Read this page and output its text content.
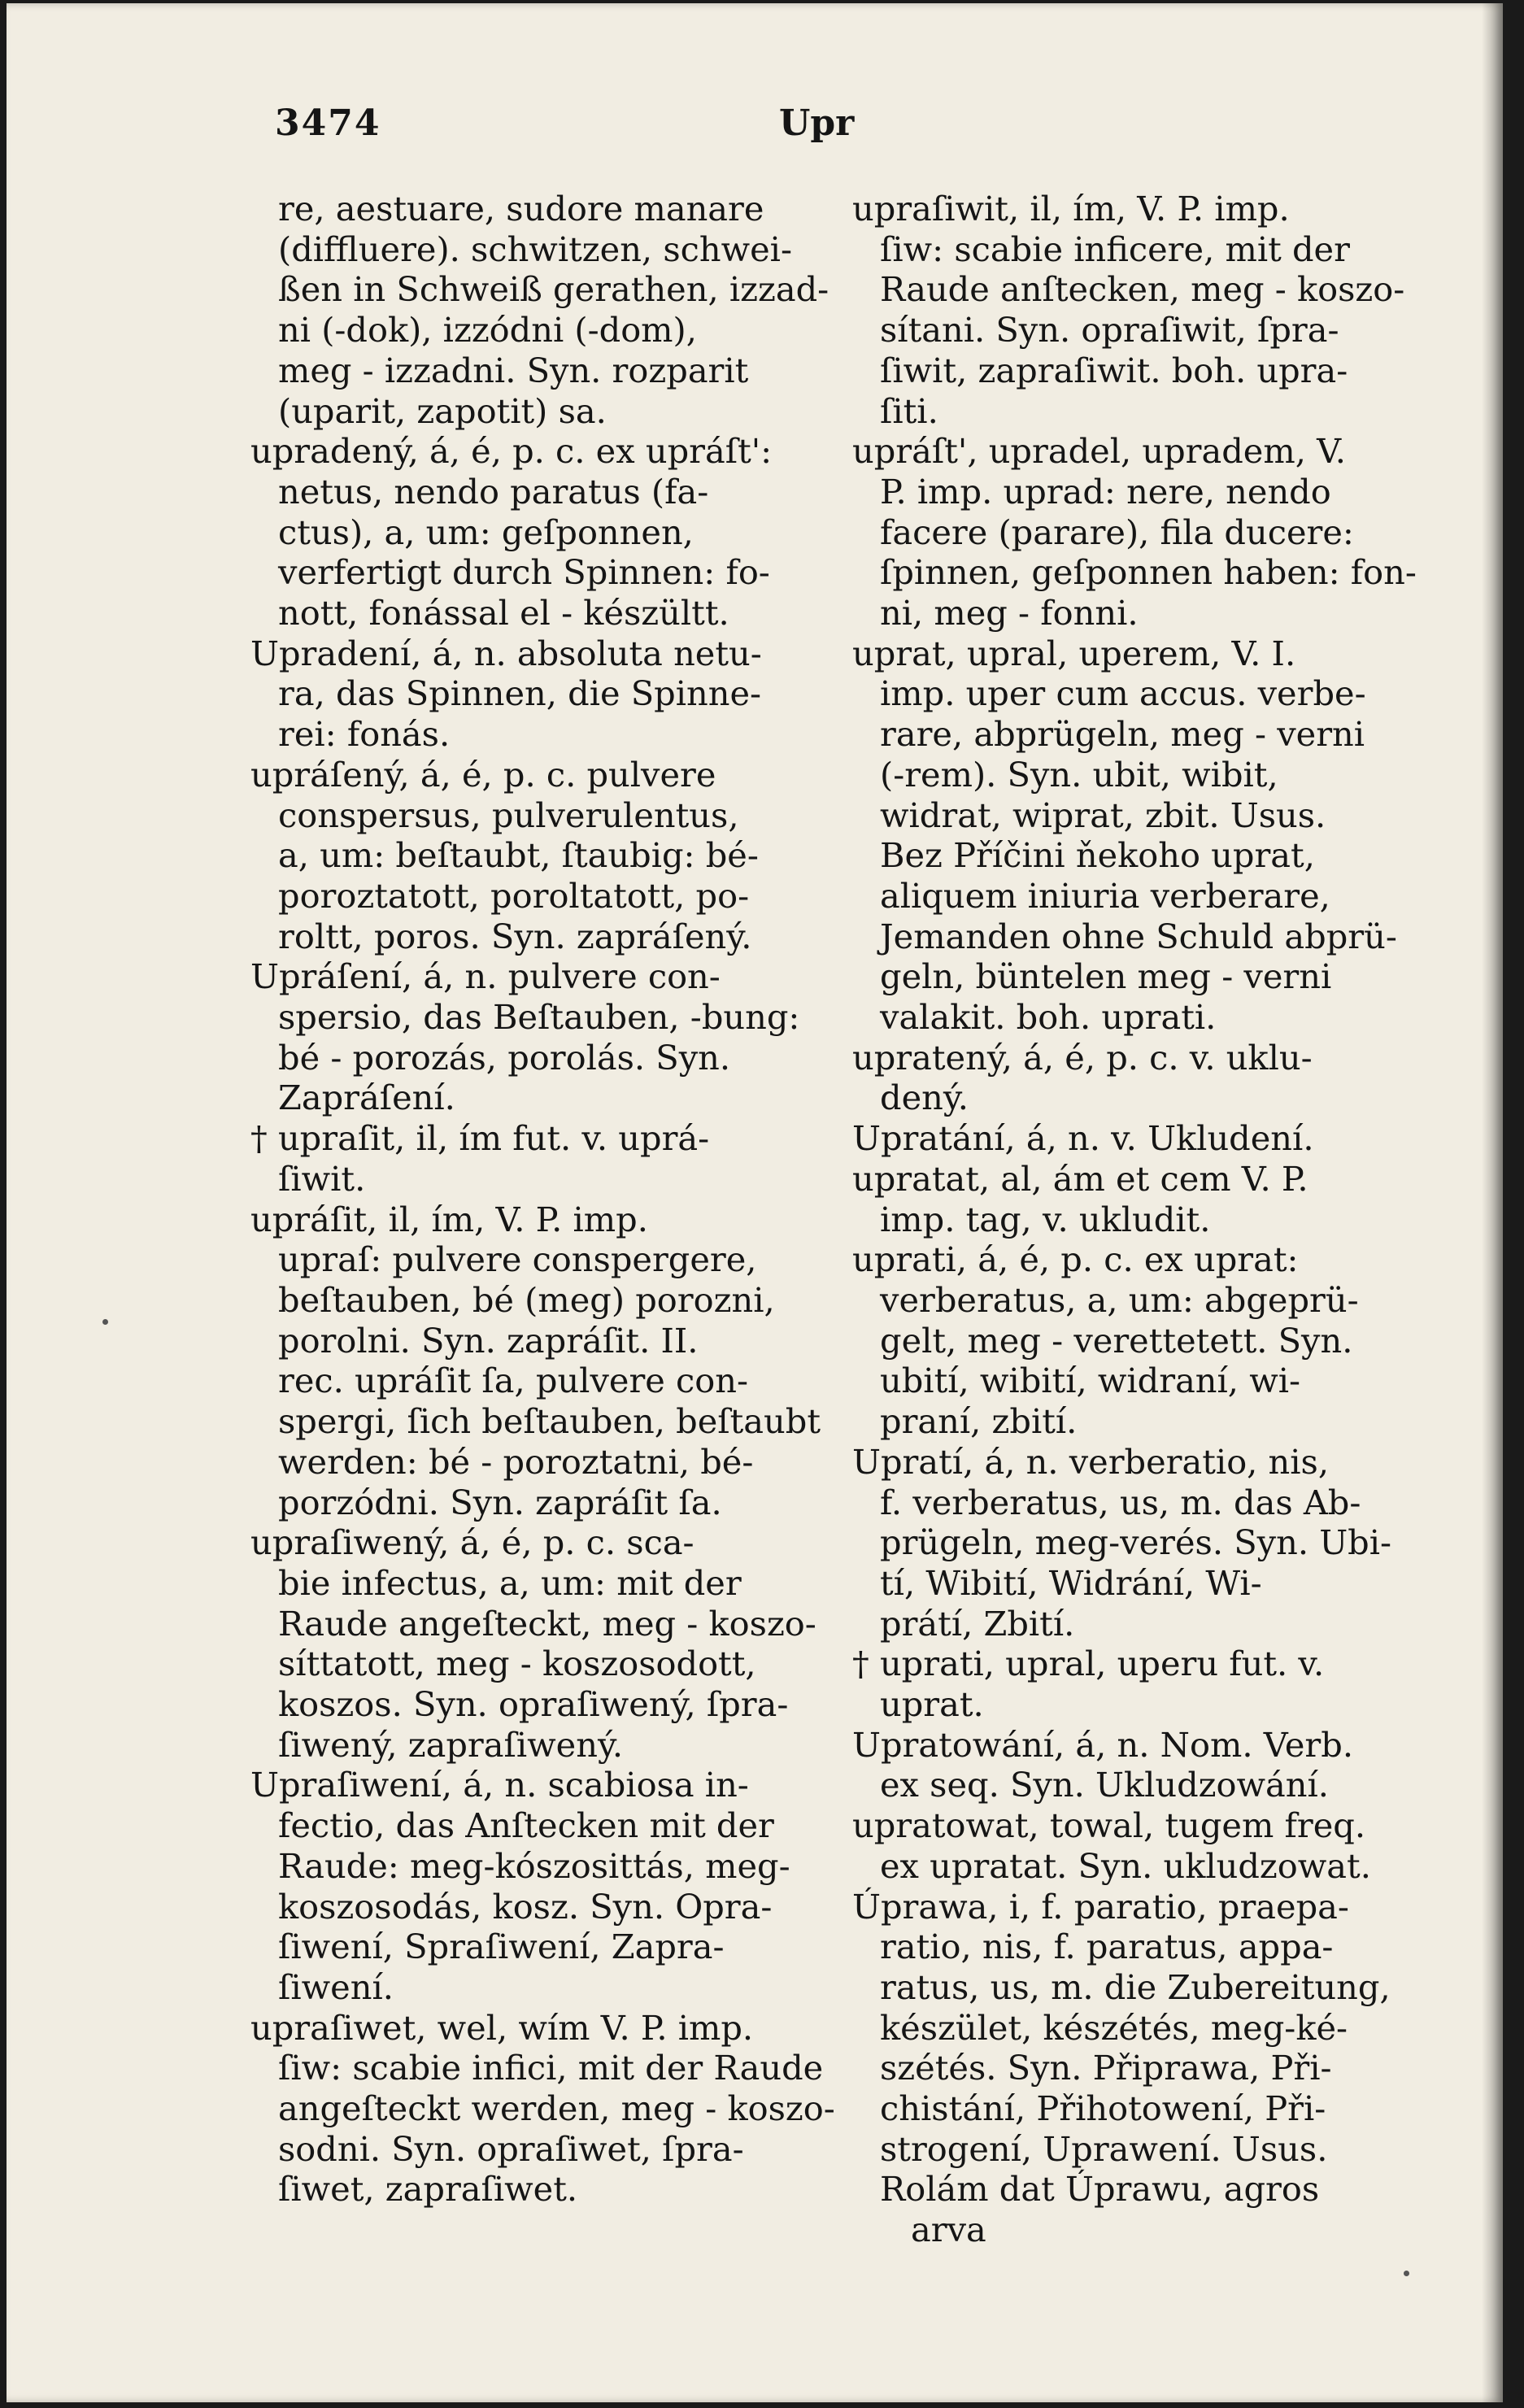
3474	Upr

re, aestuare, sudore manare

(diffluere). schwitzen, schwei-

ßen in Schweiß gerathen, izzad-

ni (-dok), izzódni (-dom),

meg - izzadni. Syn. rozparit

(uparit, zapotit) sa.

upradený, á, é, p. c. ex upráſt':

netus, nendo paratus (fa-

ctus), a, um: geſponnen,

verfertigt durch Spinnen: fo-

nott, fonással el - készültt.

Upradení, á, n. absoluta netu-

ra, das Spinnen, die Spinne-

rei: fonás.

upráſený, á, é, p. c. pulvere

conspersus, pulverulentus,

a, um: beſtaubt, ſtaubig: bé-

poroztatott, poroltatott, po-

roltt, poros. Syn. zapráſený.

Upráſení, á, n. pulvere con-

spersio, das Beſtauben, -bung:

bé - porozás, porolás. Syn.

Zapráſení.

† upraſit, il, ím fut. v. uprá-

ſiwit.

upráſit, il, ím, V. P. imp.

upraſ: pulvere conspergere,

beſtauben, bé (meg) porozni,

porolni. Syn. zapráſit. II.

rec. upráſit ſa, pulvere con-

spergi, ſich beſtauben, beſtaubt

werden: bé - poroztatni, bé-

porzódni. Syn. zapráſit ſa.

upraſiwený, á, é, p. c. sca-

bie infectus, a, um: mit der

Raude angeſteckt, meg - koszo-

síttatott, meg - koszosodott,

koszos. Syn. opraſiwený, ſpra-

ſiwený, zapraſiwený.

Upraſiwení, á, n. scabiosa in-

fectio, das Anſtecken mit der

Raude: meg-kószosittás, meg-

koszosodás, kosz. Syn. Opra-

ſiwení, Spraſiwení, Zapra-

ſiwení.

upraſiwet, wel, wím V. P. imp.

ſiw: scabie infici, mit der Raude

angeſteckt werden, meg - koszo-

sodni. Syn. opraſiwet, ſpra-

ſiwet, zapraſiwet.

upraſiwit, il, ím, V. P. imp.

ſiw: scabie inficere, mit der

Raude anſtecken, meg - koszo-

sítani. Syn. opraſiwit, ſpra-

ſiwit, zapraſiwit. boh. upra-

ſiti.

upráſt', upradel, upradem, V.

P. imp. uprad: nere, nendo

facere (parare), fila ducere:

ſpinnen, geſponnen haben: fon-

ni, meg - fonni.

uprat, upral, uperem, V. I.

imp. uper cum accus. verbe-

rare, abprügeln, meg - verni

(-rem). Syn. ubit, wibit,

widrat, wiprat, zbit. Usus.

Bez Příčini ňekoho uprat,

aliquem iniuria verberare,

Jemanden ohne Schuld abprü-

geln, büntelen meg - verni

valakit. boh. uprati.

upratený, á, é, p. c. v. uklu-

dený.

Upratání, á, n. v. Ukludení.

upratat, al, ám et cem V. P.

imp. tag, v. ukludit.

uprati, á, é, p. c. ex uprat:

verberatus, a, um: abgeprü-

gelt, meg - verettetett. Syn.

ubití, wibití, widraní, wi-

praní, zbití.

Upratí, á, n. verberatio, nis,

f. verberatus, us, m. das Ab-

prügeln, meg-verés. Syn. Ubi-

tí, Wibití, Widrání, Wi-

prátí, Zbití.

† uprati, upral, uperu fut. v.

uprat.

Upratowání, á, n. Nom. Verb.

ex seq. Syn. Ukludzowání.

upratowat, towal, tugem freq.

ex upratat. Syn. ukludzowat.

Úprawa, i, f. paratio, praepa-

ratio, nis, f. paratus, appa-

ratus, us, m. die Zubereitung,

készület, készétés, meg-ké-

szétés. Syn. Připrawa, Při-

chistání, Přihotowení, Při-

strogení, Uprawení. Usus.

Rolám dat Úprawu, agros

arva
